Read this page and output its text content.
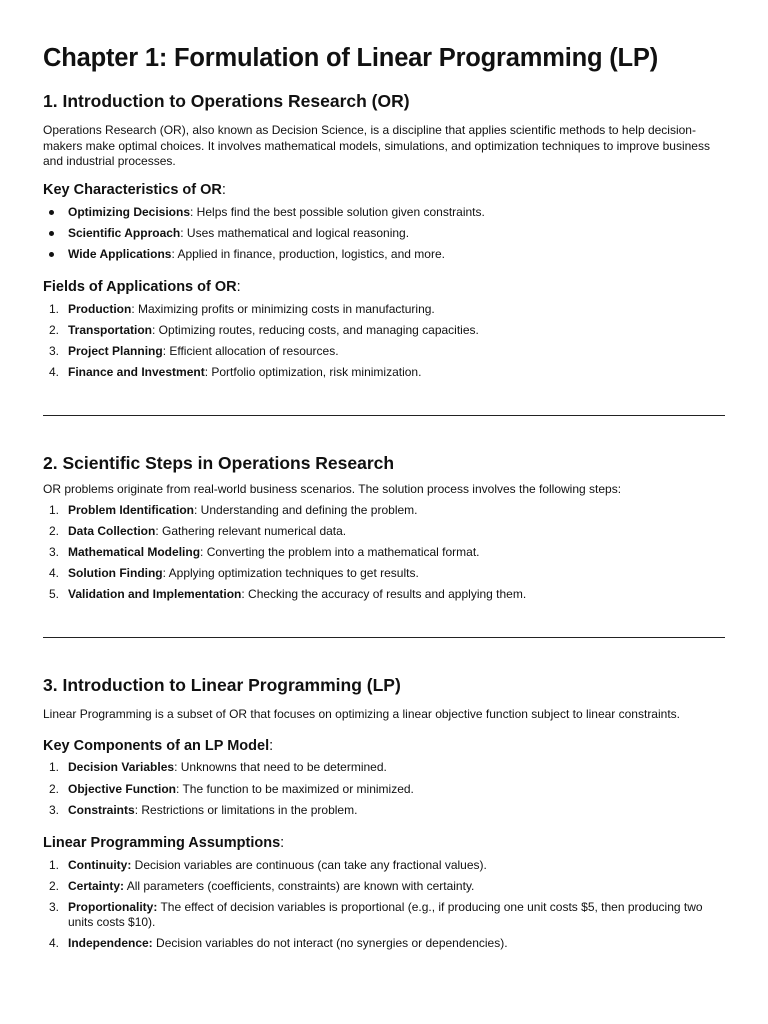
Chapter 1: Formulation of Linear Programming (LP)
1. Introduction to Operations Research (OR)

Operations Research (OR), also known as Decision Science, is a discipline that applies scientific methods to help decision-makers make optimal choices. It involves mathematical models, simulations, and optimization techniques to improve business and industrial processes.

Key Characteristics of OR:
Optimizing Decisions: Helps find the best possible solution given constraints.
Scientific Approach: Uses mathematical and logical reasoning.
Wide Applications: Applied in finance, production, logistics, and more.
Fields of Applications of OR:
1. Production: Maximizing profits or minimizing costs in manufacturing.
2. Transportation: Optimizing routes, reducing costs, and managing capacities.
3. Project Planning: Efficient allocation of resources.
4. Finance and Investment: Portfolio optimization, risk minimization.
2. Scientific Steps in Operations Research

OR problems originate from real-world business scenarios. The solution process involves the following steps:

1. Problem Identification: Understanding and defining the problem.
2. Data Collection: Gathering relevant numerical data.
3. Mathematical Modeling: Converting the problem into a mathematical format.
4. Solution Finding: Applying optimization techniques to get results.
5. Validation and Implementation: Checking the accuracy of results and applying them.
3. Introduction to Linear Programming (LP)

Linear Programming is a subset of OR that focuses on optimizing a linear objective function subject to linear constraints.

Key Components of an LP Model:
1. Decision Variables: Unknowns that need to be determined.
2. Objective Function: The function to be maximized or minimized.
3. Constraints: Restrictions or limitations in the problem.
Linear Programming Assumptions:
1. Continuity: Decision variables are continuous (can take any fractional values).
2. Certainty: All parameters (coefficients, constraints) are known with certainty.
3. Proportionality: The effect of decision variables is proportional (e.g., if producing one unit costs $5, then producing two units costs $10).
4. Independence: Decision variables do not interact (no synergies or dependencies).
